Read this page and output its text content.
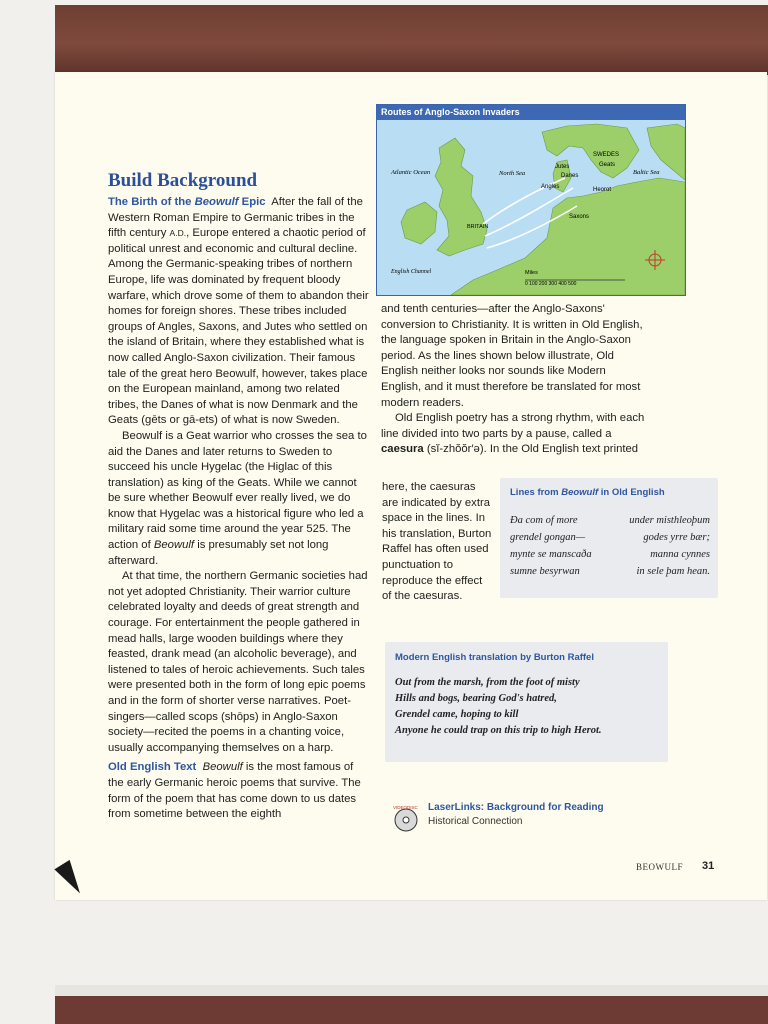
Routes of Anglo-Saxon Invaders
Atlantic Ocean	North Sea	Baltic Sea
BRITAIN
Jutes
Danes
Angles
Saxons
SWEDES
Geats
Heorot
English Channel	Miles
0 100 200 300 400 500
Build Background

The Birth of the Beowulf Epic After the fall of the Western Roman Empire to Germanic tribes in the fifth century A.D., Europe entered a chaotic period of political unrest and economic and cultural decline. Among the Germanic-speaking tribes of northern Europe, life was dominated by frequent bloody warfare, which drove some of them to abandon their homes for foreign shores. These tribes included groups of Angles, Saxons, and Jutes who settled on the island of Britain, where they established what is now called Anglo-Saxon civilization. Their famous tale of the great hero Beowulf, however, takes place on the European mainland, among two related tribes, the Danes of what is now Denmark and the Geats (gēts or gā-ets) of what is now Sweden.

Beowulf is a Geat warrior who crosses the sea to aid the Danes and later returns to Sweden to succeed his uncle Hygelac (the Higlac of this translation) as king of the Geats. While we cannot be sure whether Beowulf ever really lived, we do know that Hygelac was a historical figure who led a military raid some time around the year 525. The action of Beowulf is presumably set not long afterward.

At that time, the northern Germanic societies had not yet adopted Christianity. Their warrior culture celebrated loyalty and deeds of great strength and courage. For entertainment the people gathered in mead halls, large wooden buildings where they feasted, drank mead (an alcoholic beverage), and listened to tales of heroic achievements. Such tales were presented both in the form of long epic poems and in the form of shorter verse narratives. Poet-singers—called scops (shōps) in Anglo-Saxon society—recited the poems in a chanting voice, usually accompanying themselves on a harp.

Old English Text Beowulf is the most famous of the early Germanic heroic poems that survive. The form of the poem that has come down to us dates from sometime between the eighth

and tenth centuries—after the Anglo-Saxons' conversion to Christianity. It is written in Old English, the language spoken in Britain in the Anglo-Saxon period. As the lines shown below illustrate, Old English neither looks nor sounds like Modern English, and it must therefore be translated for most modern readers.

Old English poetry has a strong rhythm, with each line divided into two parts by a pause, called a caesura (sĭ-zhŏŏr′ə). In the Old English text printed

here, the caesuras are indicated by extra space in the lines. In his translation, Burton Raffel has often used punctuation to reproduce the effect of the caesuras.
Lines from Beowulf in Old English
Ða com of more	under misthleoþum
grendel gongan—	godes yrre bær;
mynte se manscaða	manna cynnes
sumne besyrwan	in sele þam hean.
Modern English translation by Burton Raffel
Out from the marsh, from the foot of misty
Hills and bogs, bearing God's hatred,
Grendel came, hoping to kill
Anyone he could trap on this trip to high Herot.
VIDEODISC LaserLinks: Background for Reading
Historical Connection
BEOWULF 31
